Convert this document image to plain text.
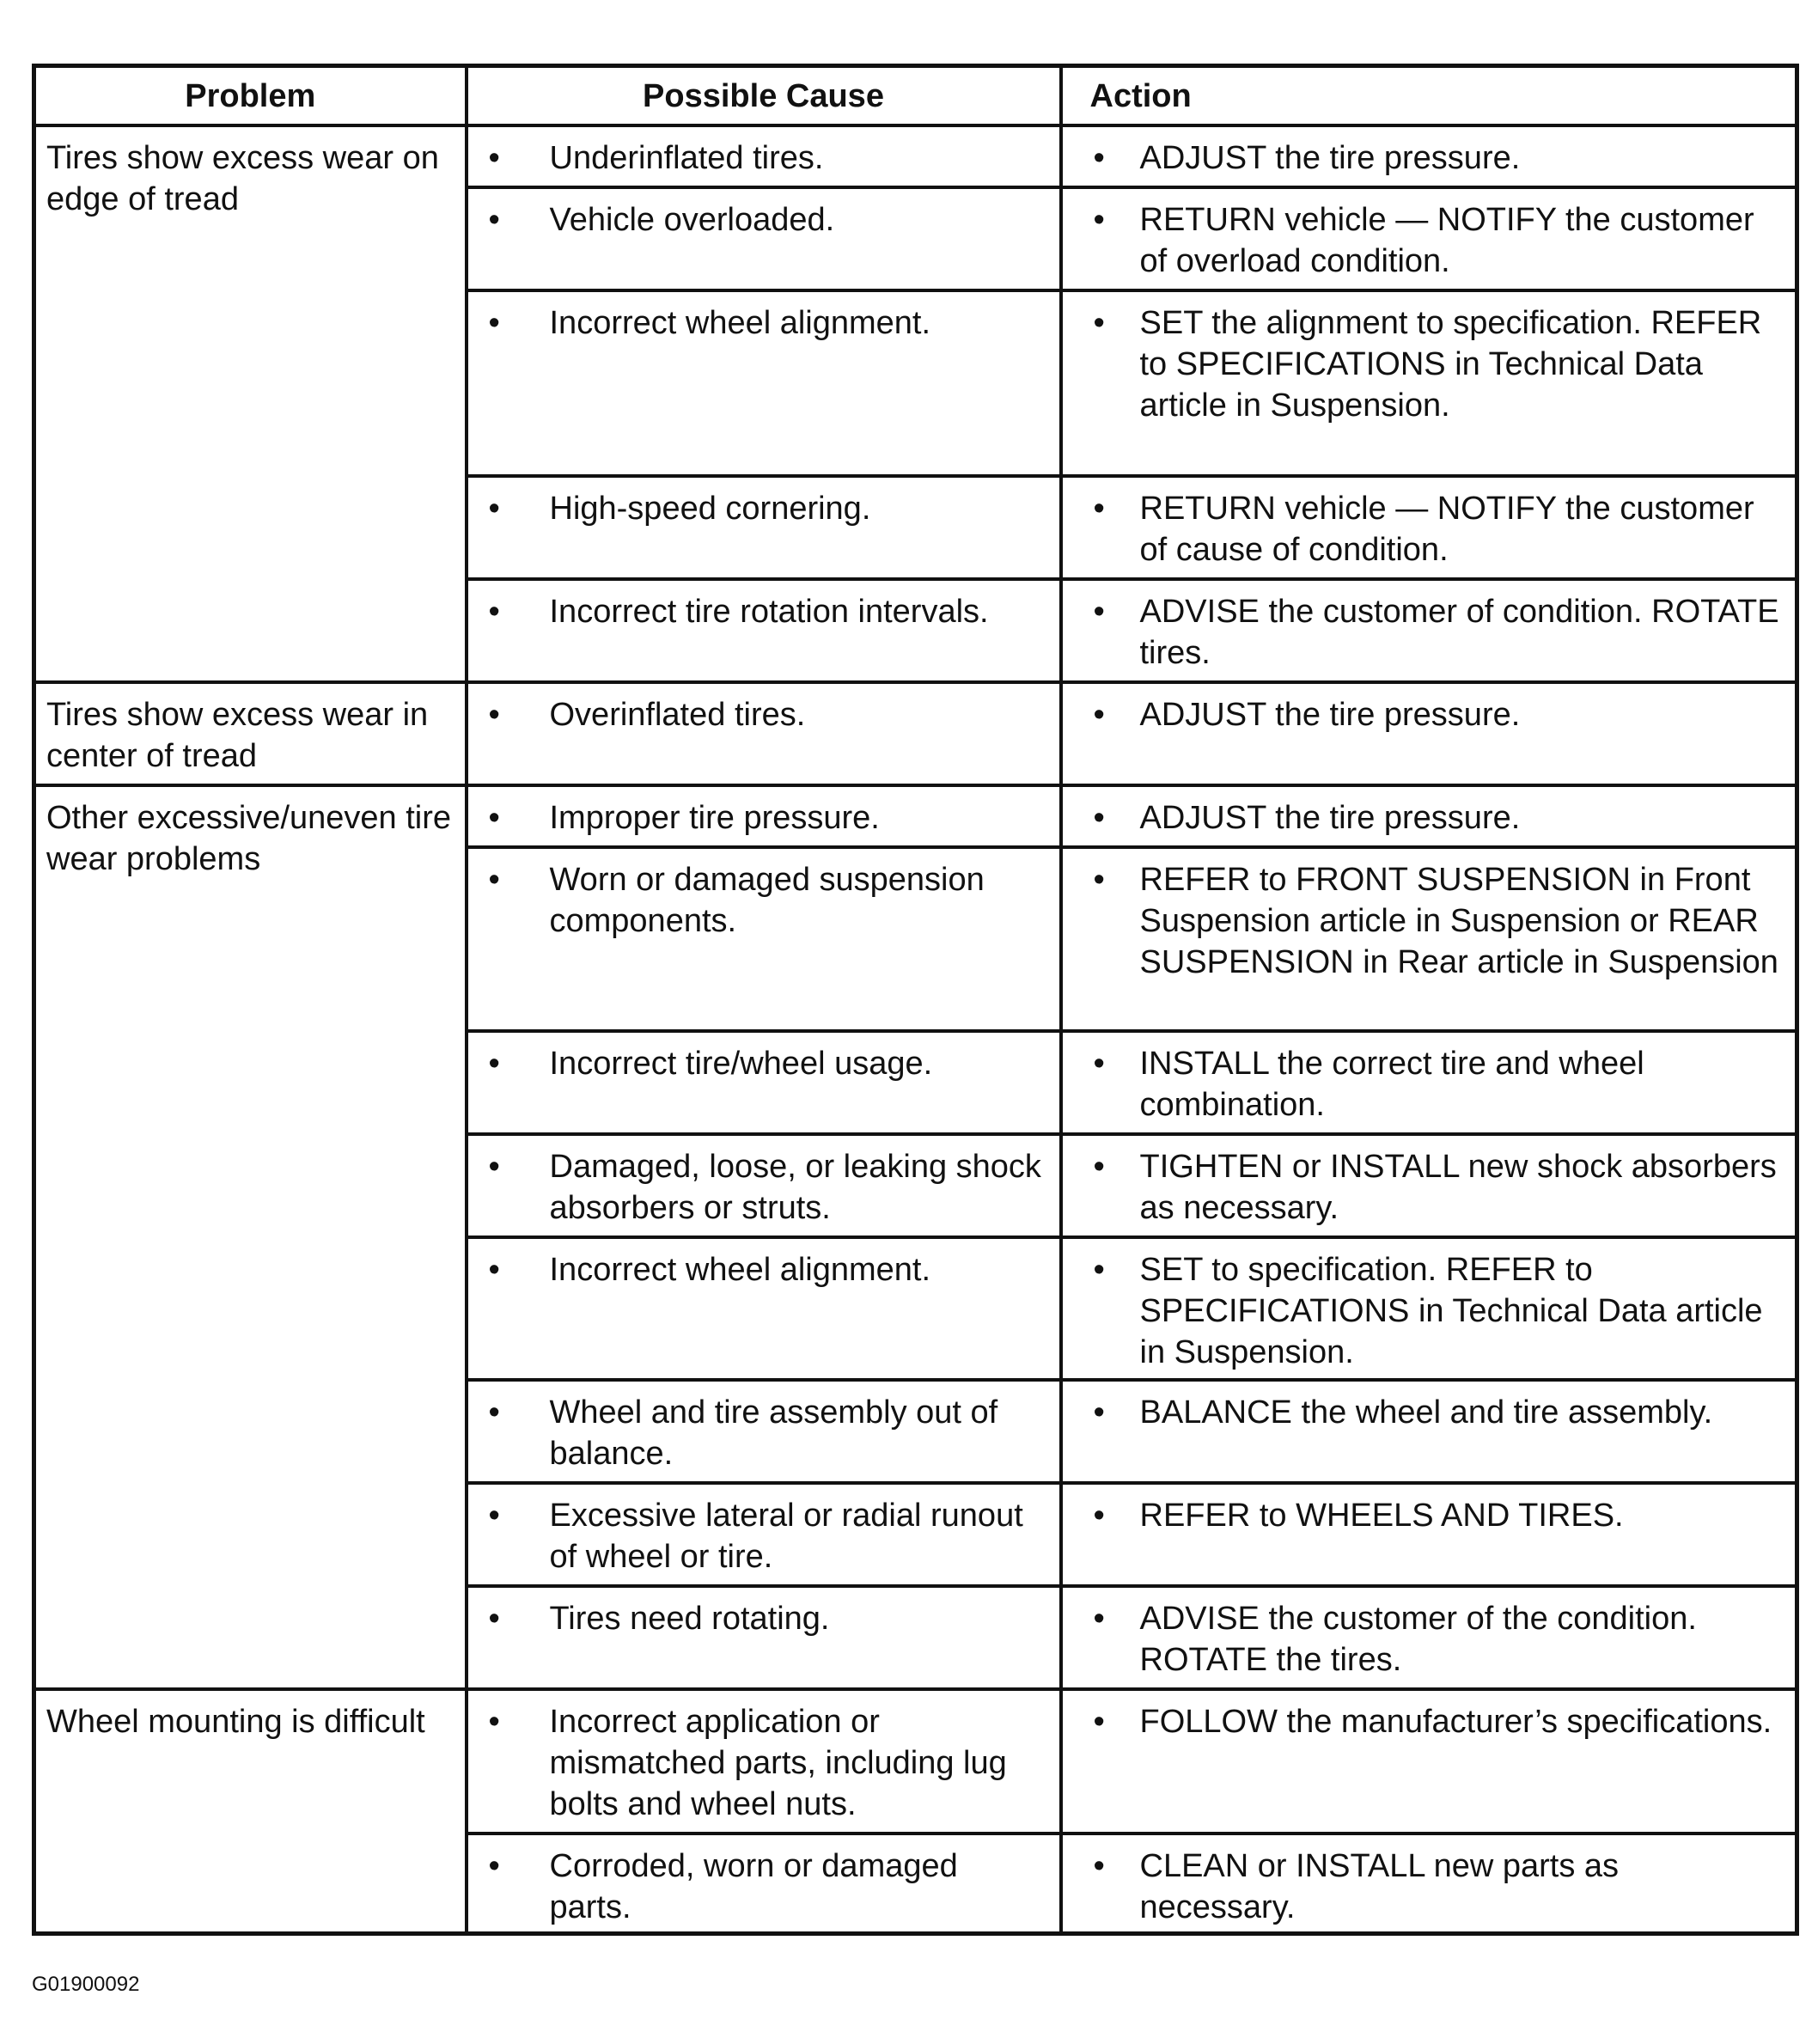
Problem	Possible Cause	Action
Tires show excess wear on edge of tread	• Underinflated tires.	• ADJUST the tire pressure.
	• Vehicle overloaded.	• RETURN vehicle — NOTIFY the customer of overload condition.
	• Incorrect wheel alignment.	• SET the alignment to specification. REFER to SPECIFICATIONS in Technical Data article in Suspension.
	• High-speed cornering.	• RETURN vehicle — NOTIFY the customer of cause of condition.
	• Incorrect tire rotation intervals.	• ADVISE the customer of condition. ROTATE tires.
Tires show excess wear in center of tread	• Overinflated tires.	• ADJUST the tire pressure.
Other excessive/uneven tire wear problems	• Improper tire pressure.	• ADJUST the tire pressure.
	• Worn or damaged suspension components.	• REFER to FRONT SUSPENSION in Front Suspension article in Suspension or REAR SUSPENSION in Rear article in Suspension
	• Incorrect tire/wheel usage.	• INSTALL the correct tire and wheel combination.
	• Damaged, loose, or leaking shock absorbers or struts.	• TIGHTEN or INSTALL new shock absorbers as necessary.
	• Incorrect wheel alignment.	• SET to specification. REFER to SPECIFICATIONS in Technical Data article in Suspension.
	• Wheel and tire assembly out of balance.	• BALANCE the wheel and tire assembly.
	• Excessive lateral or radial runout of wheel or tire.	• REFER to WHEELS AND TIRES.
	• Tires need rotating.	• ADVISE the customer of the condition. ROTATE the tires.
Wheel mounting is difficult	• Incorrect application or mismatched parts, including lug bolts and wheel nuts.	• FOLLOW the manufacturer’s specifications.
	• Corroded, worn or damaged parts.	• CLEAN or INSTALL new parts as necessary.
G01900092
